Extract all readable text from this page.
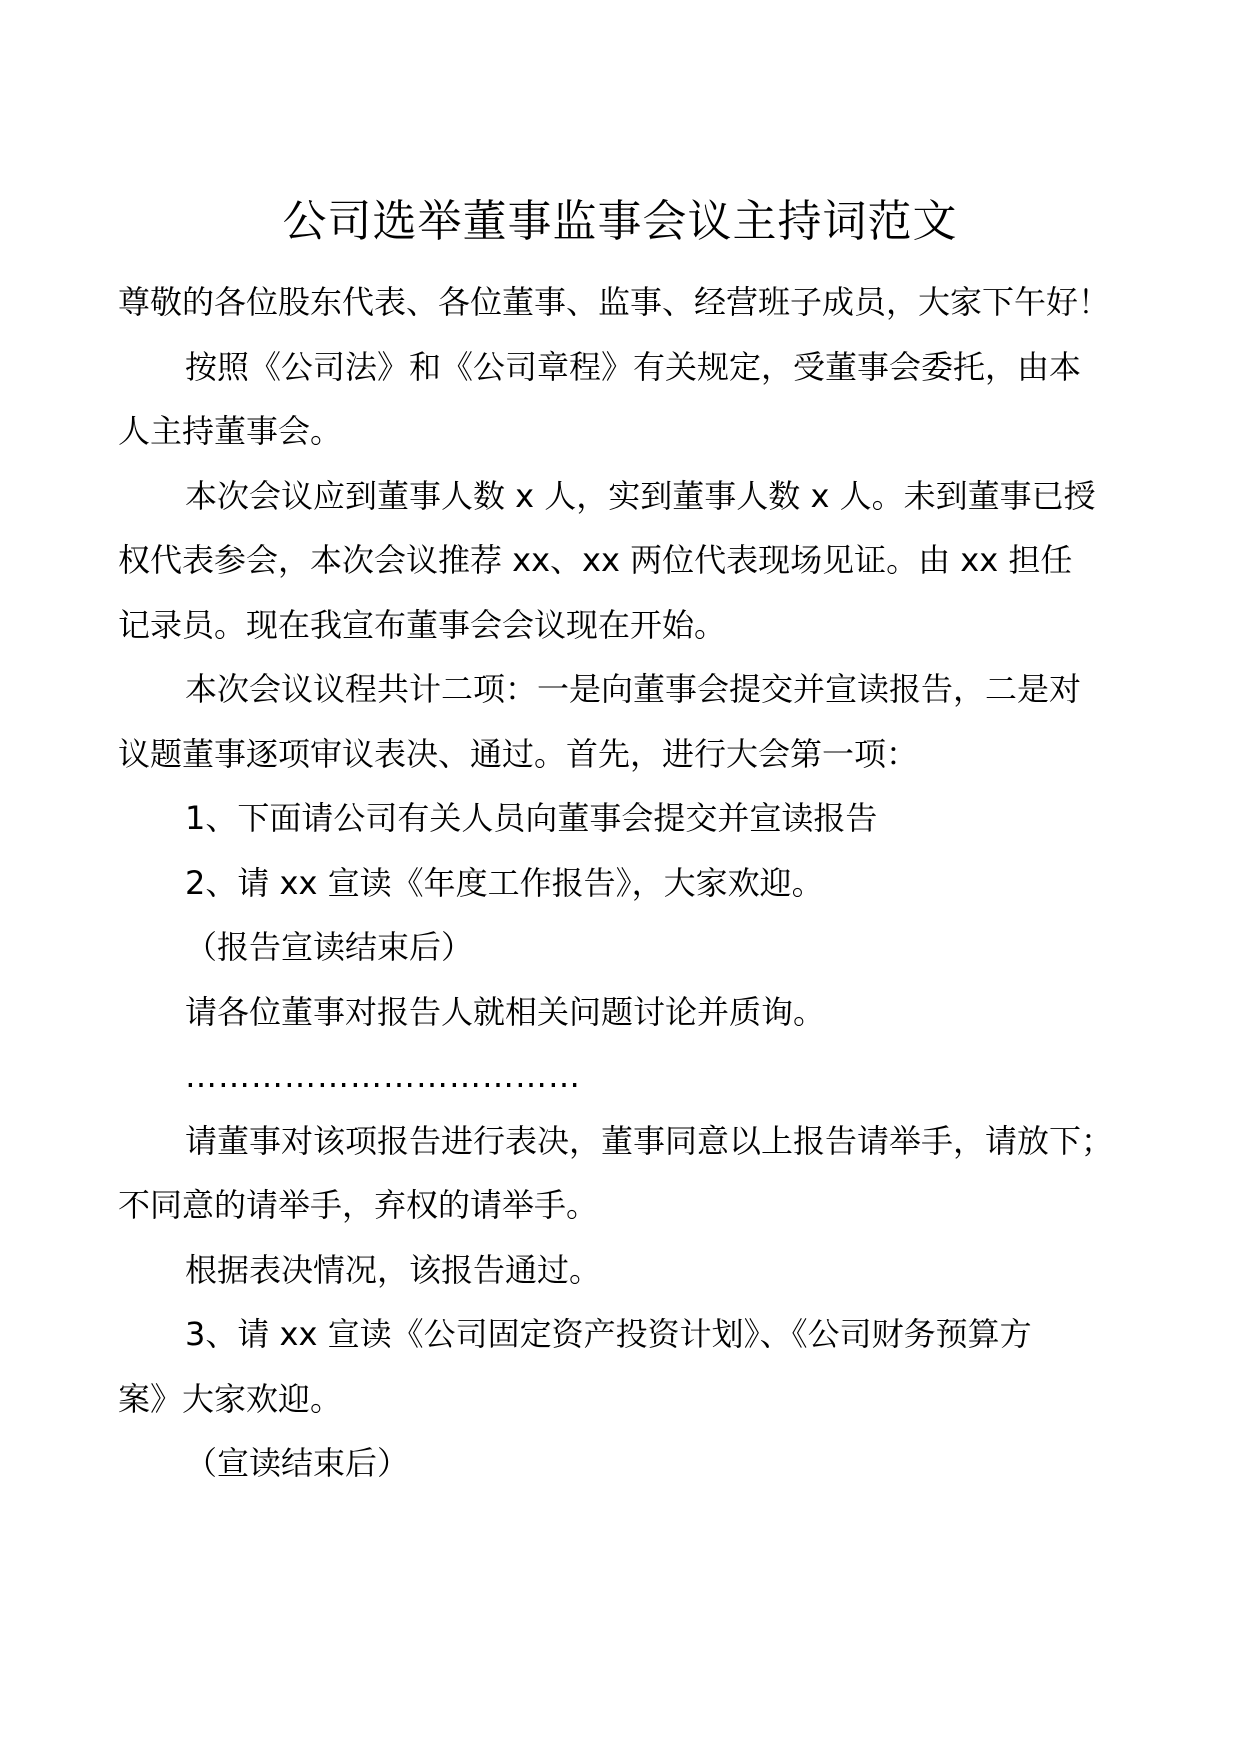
公司选举董事监事会议主持词范文

尊敬的各位股东代表、各位董事、监事、经营班子成员，大家下午好！

按照《公司法》和《公司章程》有关规定，受董事会委托，由本

人主持董事会。

本次会议应到董事人数 x 人，实到董事人数 x 人。未到董事已授

权代表参会，本次会议推荐 xx、xx 两位代表现场见证。由 xx 担任

记录员。现在我宣布董事会会议现在开始。

本次会议议程共计二项：一是向董事会提交并宣读报告，二是对

议题董事逐项审议表决、通过。首先，进行大会第一项：

1、下面请公司有关人员向董事会提交并宣读报告

2、请 xx 宣读《年度工作报告》，大家欢迎。

（报告宣读结束后）

请各位董事对报告人就相关问题讨论并质询。

………………………………

请董事对该项报告进行表决，董事同意以上报告请举手，请放下；

不同意的请举手，弃权的请举手。

根据表决情况，该报告通过。

3、请 xx 宣读《公司固定资产投资计划》、《公司财务预算方

案》大家欢迎。

（宣读结束后）
